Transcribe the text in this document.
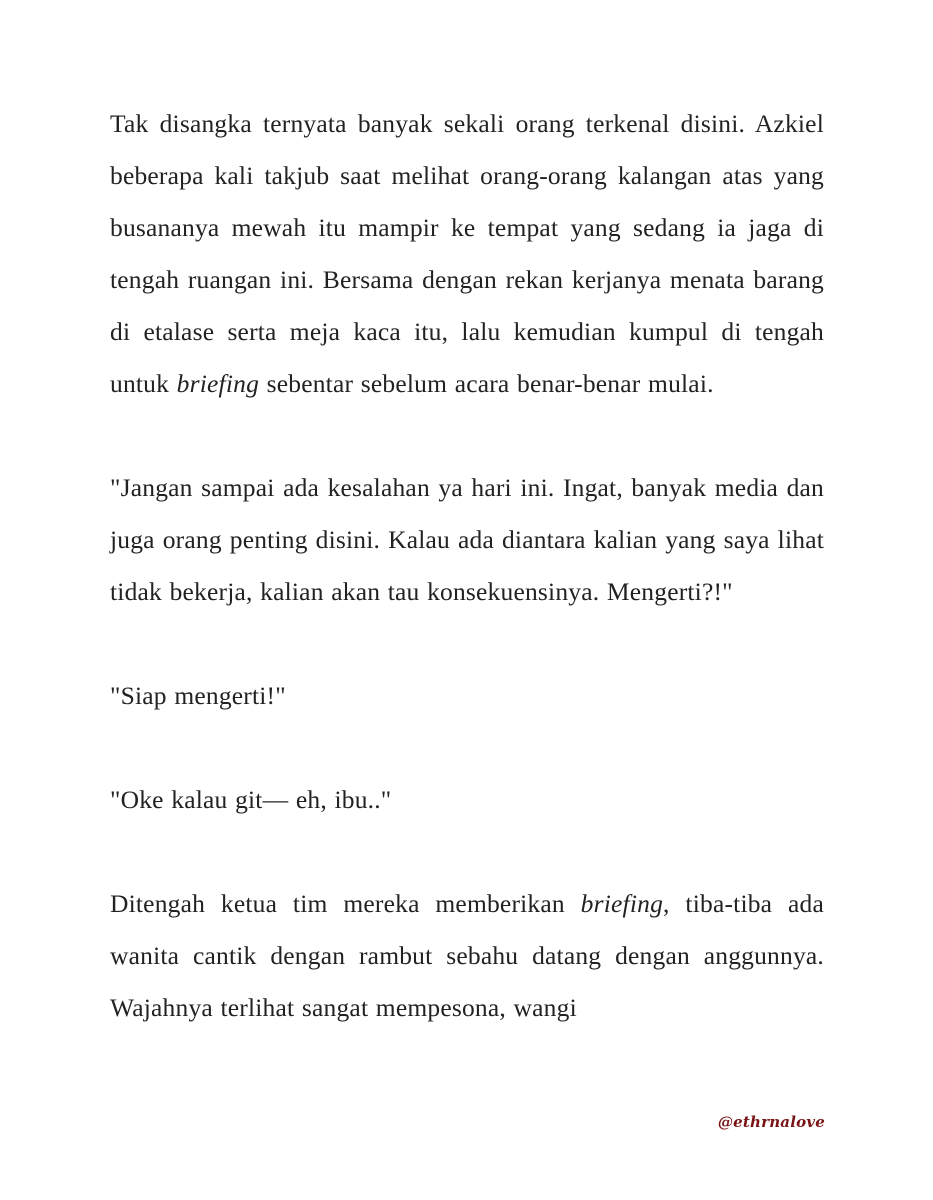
Tak disangka ternyata banyak sekali orang terkenal disini. Azkiel beberapa kali takjub saat melihat orang-orang kalangan atas yang busananya mewah itu mampir ke tempat yang sedang ia jaga di tengah ruangan ini. Bersama dengan rekan kerjanya menata barang di etalase serta meja kaca itu, lalu kemudian kumpul di tengah untuk briefing sebentar sebelum acara benar-benar mulai.

"Jangan sampai ada kesalahan ya hari ini. Ingat, banyak media dan juga orang penting disini. Kalau ada diantara kalian yang saya lihat tidak bekerja, kalian akan tau konsekuensinya. Mengerti?!"

"Siap mengerti!"

"Oke kalau git— eh, ibu.."

Ditengah ketua tim mereka memberikan briefing, tiba-tiba ada wanita cantik dengan rambut sebahu datang dengan anggunnya. Wajahnya terlihat sangat mempesona, wangi

@ethrnalove
